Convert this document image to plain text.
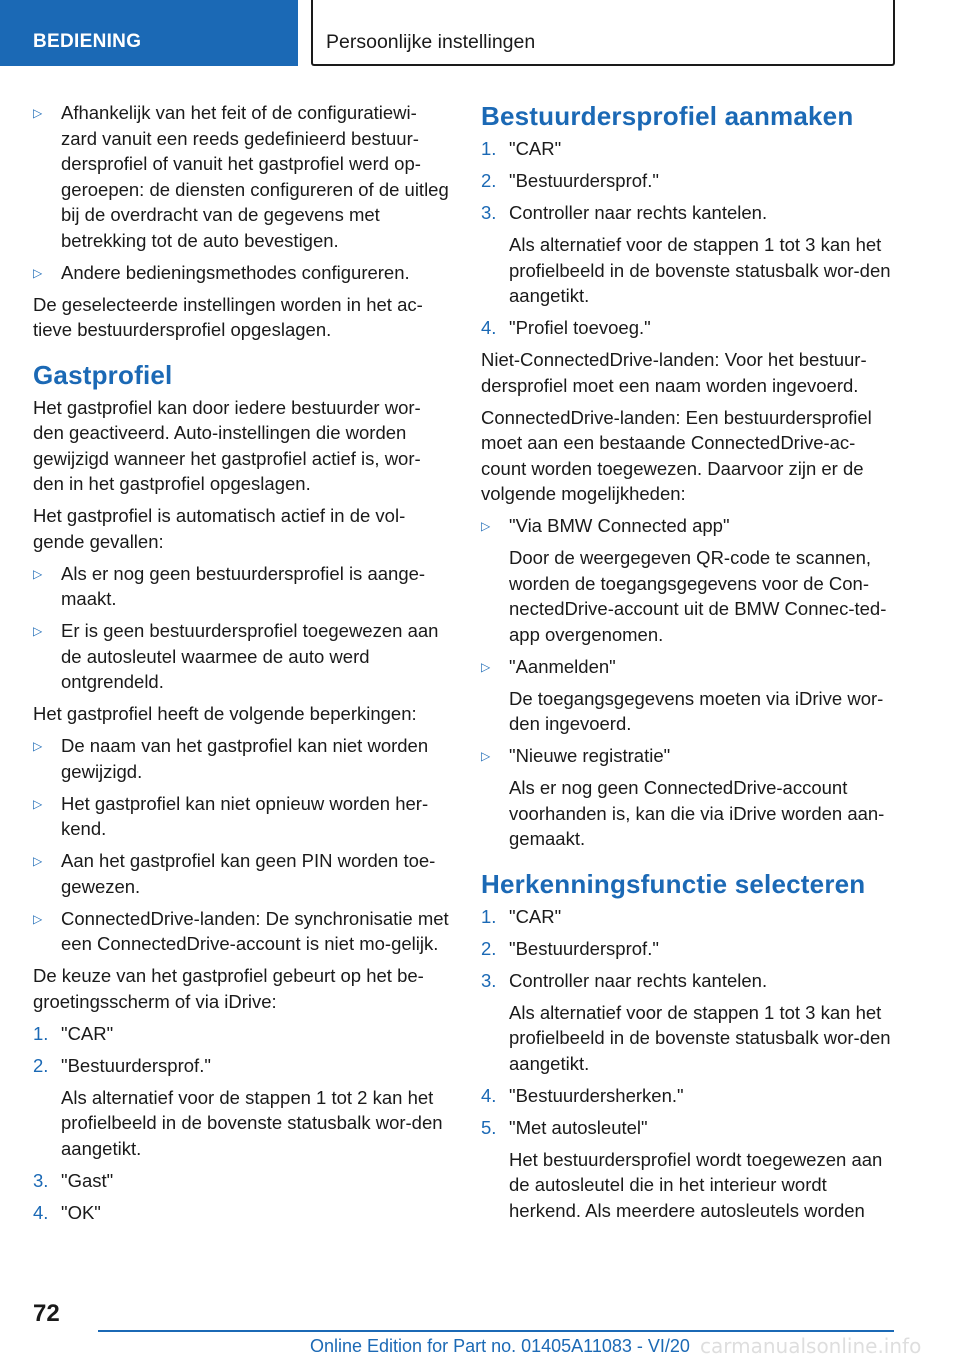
BEDIENING	Persoonlijke instellingen
▷ Afhankelijk van het feit of de configuratiewi-zard vanuit een reeds gedefinieerd bestuur-dersprofiel of vanuit het gastprofiel werd op-geroepen: de diensten configureren of de uitleg bij de overdracht van de gegevens met betrekking tot de auto bevestigen.
▷ Andere bedieningsmethodes configureren.

De geselecteerde instellingen worden in het ac-tieve bestuurdersprofiel opgeslagen.

Gastprofiel

Het gastprofiel kan door iedere bestuurder wor-den geactiveerd. Auto-instellingen die worden gewijzigd wanneer het gastprofiel actief is, wor-den in het gastprofiel opgeslagen.

Het gastprofiel is automatisch actief in de vol-gende gevallen:

▷ Als er nog geen bestuurdersprofiel is aange-maakt.
▷ Er is geen bestuurdersprofiel toegewezen aan de autosleutel waarmee de auto werd ontgrendeld.

Het gastprofiel heeft de volgende beperkingen:

▷ De naam van het gastprofiel kan niet worden gewijzigd.
▷ Het gastprofiel kan niet opnieuw worden her-kend.
▷ Aan het gastprofiel kan geen PIN worden toe-gewezen.
▷ ConnectedDrive-landen: De synchronisatie met een ConnectedDrive-account is niet mo-gelijk.

De keuze van het gastprofiel gebeurt op het be-groetingsscherm of via iDrive:

1. "CAR"
2. "Bestuurdersprof."
Als alternatief voor de stappen 1 tot 2 kan het profielbeeld in de bovenste statusbalk wor-den aangetikt.
3. "Gast"
4. "OK"
Bestuurdersprofiel aanmaken
1. "CAR"
2. "Bestuurdersprof."
3. Controller naar rechts kantelen.
Als alternatief voor de stappen 1 tot 3 kan het profielbeeld in de bovenste statusbalk wor-den aangetikt.
4. "Profiel toevoeg."

Niet-ConnectedDrive-landen: Voor het bestuur-dersprofiel moet een naam worden ingevoerd.

ConnectedDrive-landen: Een bestuurdersprofiel moet aan een bestaande ConnectedDrive-ac-count worden toegewezen. Daarvoor zijn er de volgende mogelijkheden:

▷ "Via BMW Connected app"
Door de weergegeven QR-code te scannen, worden de toegangsgegevens voor de Con-nectedDrive-account uit de BMW Connec-ted-app overgenomen.
▷ "Aanmelden"
De toegangsgegevens moeten via iDrive wor-den ingevoerd.
▷ "Nieuwe registratie"
Als er nog geen ConnectedDrive-account voorhanden is, kan die via iDrive worden aan-gemaakt.
Herkenningsfunctie selecteren
1. "CAR"
2. "Bestuurdersprof."
3. Controller naar rechts kantelen.
Als alternatief voor de stappen 1 tot 3 kan het profielbeeld in de bovenste statusbalk wor-den aangetikt.
4. "Bestuurdersherken."
5. "Met autosleutel"
Het bestuurdersprofiel wordt toegewezen aan de autosleutel die in het interieur wordt herkend. Als meerdere autosleutels worden
72
Online Edition for Part no. 01405A11083 - VI/20 carmanualsonline.info
